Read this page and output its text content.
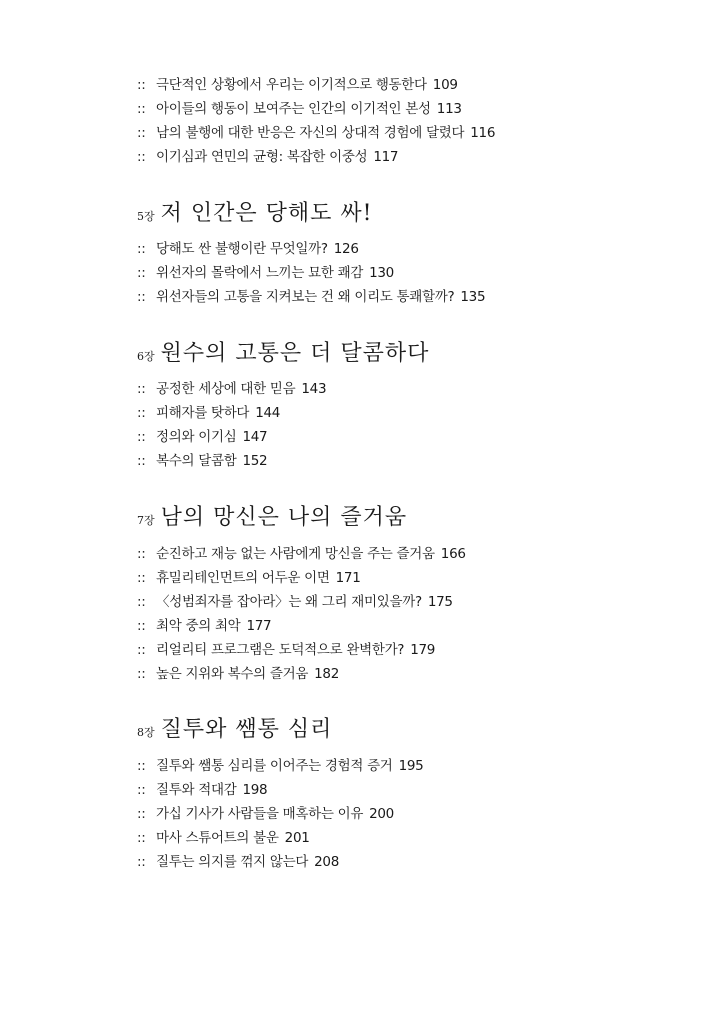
:: 극단적인 상황에서 우리는 이기적으로 행동한다 109
:: 아이들의 행동이 보여주는 인간의 이기적인 본성 113
:: 남의 불행에 대한 반응은 자신의 상대적 경험에 달렸다 116
:: 이기심과 연민의 균형: 복잡한 이중성 117
5장 저 인간은 당해도 싸!
:: 당해도 싼 불행이란 무엇일까? 126
:: 위선자의 몰락에서 느끼는 묘한 쾌감 130
:: 위선자들의 고통을 지켜보는 건 왜 이리도 통쾌할까? 135
6장 원수의 고통은 더 달콤하다
:: 공정한 세상에 대한 믿음 143
:: 피해자를 탓하다 144
:: 정의와 이기심 147
:: 복수의 달콤함 152
7장 남의 망신은 나의 즐거움
:: 순진하고 재능 없는 사람에게 망신을 주는 즐거움 166
:: 휴밀리테인먼트의 어두운 이면 171
:: 〈성범죄자를 잡아라〉는 왜 그리 재미있을까? 175
:: 최악 중의 최악 177
:: 리얼리티 프로그램은 도덕적으로 완벽한가? 179
:: 높은 지위와 복수의 즐거움 182
8장 질투와 쌤통 심리
:: 질투와 쌤통 심리를 이어주는 경험적 증거 195
:: 질투와 적대감 198
:: 가십 기사가 사람들을 매혹하는 이유 200
:: 마사 스튜어트의 불운 201
:: 질투는 의지를 꺾지 않는다 208
